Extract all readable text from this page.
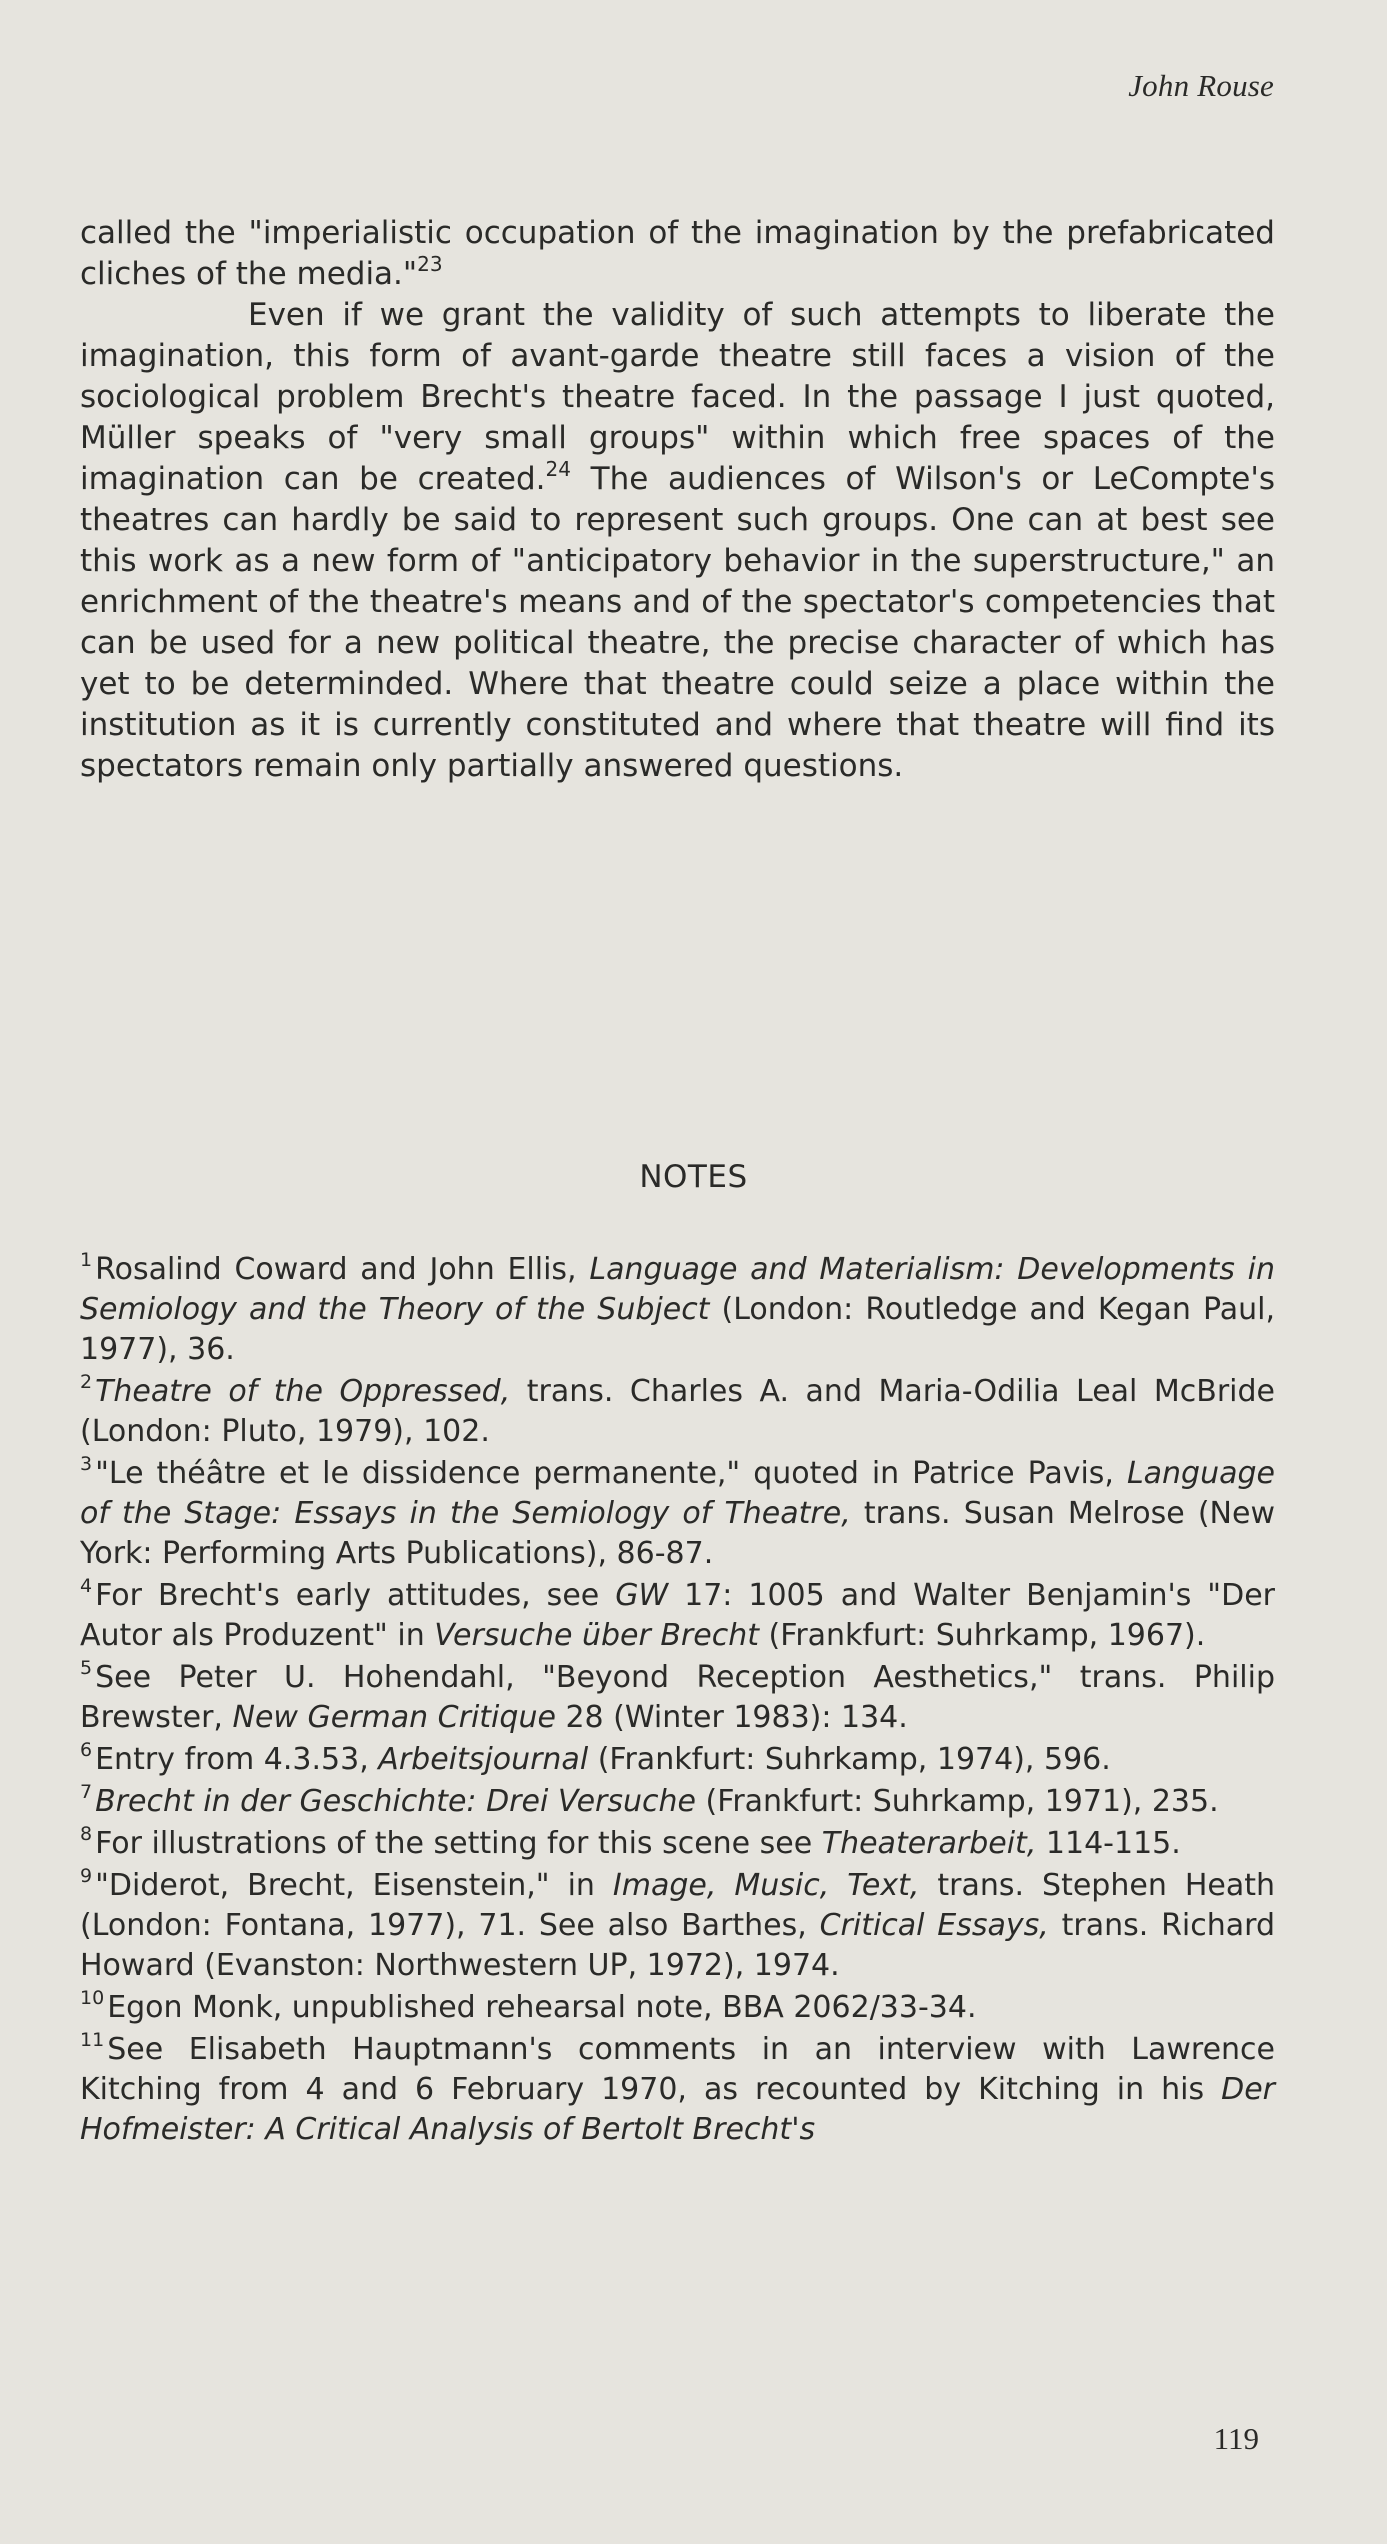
John Rouse

called the "imperialistic occupation of the imagination by the prefabricated cliches of the media."$^{23}$

Even if we grant the validity of such attempts to liberate the imagination, this form of avant-garde theatre still faces a vision of the sociological problem Brecht's theatre faced. In the passage I just quoted, Müller speaks of "very small groups" within which free spaces of the imagination can be created.$^{24}$ The audiences of Wilson's or LeCompte's theatres can hardly be said to represent such groups. One can at best see this work as a new form of "anticipatory behavior in the superstructure," an enrichment of the theatre's means and of the spectator's competencies that can be used for a new political theatre, the precise character of which has yet to be determinded. Where that theatre could seize a place within the institution as it is currently constituted and where that theatre will find its spectators remain only partially answered questions.

NOTES

$^1$ Rosalind Coward and John Ellis, Language and Materialism: Developments in Semiology and the Theory of the Subject (London: Routledge and Kegan Paul, 1977), 36.

$^2$ Theatre of the Oppressed, trans. Charles A. and Maria-Odilia Leal McBride (London: Pluto, 1979), 102.

$^3$ "Le théâtre et le dissidence permanente," quoted in Patrice Pavis, Language of the Stage: Essays in the Semiology of Theatre, trans. Susan Melrose (New York: Performing Arts Publications), 86-87.

$^4$ For Brecht's early attitudes, see GW 17: 1005 and Walter Benjamin's "Der Autor als Produzent" in Versuche über Brecht (Frankfurt: Suhrkamp, 1967).

$^5$ See Peter U. Hohendahl, "Beyond Reception Aesthetics," trans. Philip Brewster, New German Critique 28 (Winter 1983): 134.

$^6$ Entry from 4.3.53, Arbeitsjournal (Frankfurt: Suhrkamp, 1974), 596.

$^7$ Brecht in der Geschichte: Drei Versuche (Frankfurt: Suhrkamp, 1971), 235.

$^8$ For illustrations of the setting for this scene see Theaterarbeit, 114-115.

$^9$ "Diderot, Brecht, Eisenstein," in Image, Music, Text, trans. Stephen Heath (London: Fontana, 1977), 71. See also Barthes, Critical Essays, trans. Richard Howard (Evanston: Northwestern UP, 1972), 1974.

$^{10}$ Egon Monk, unpublished rehearsal note, BBA 2062/33-34.

$^{11}$ See Elisabeth Hauptmann's comments in an interview with Lawrence Kitching from 4 and 6 February 1970, as recounted by Kitching in his Der Hofmeister: A Critical Analysis of Bertolt Brecht's

119
